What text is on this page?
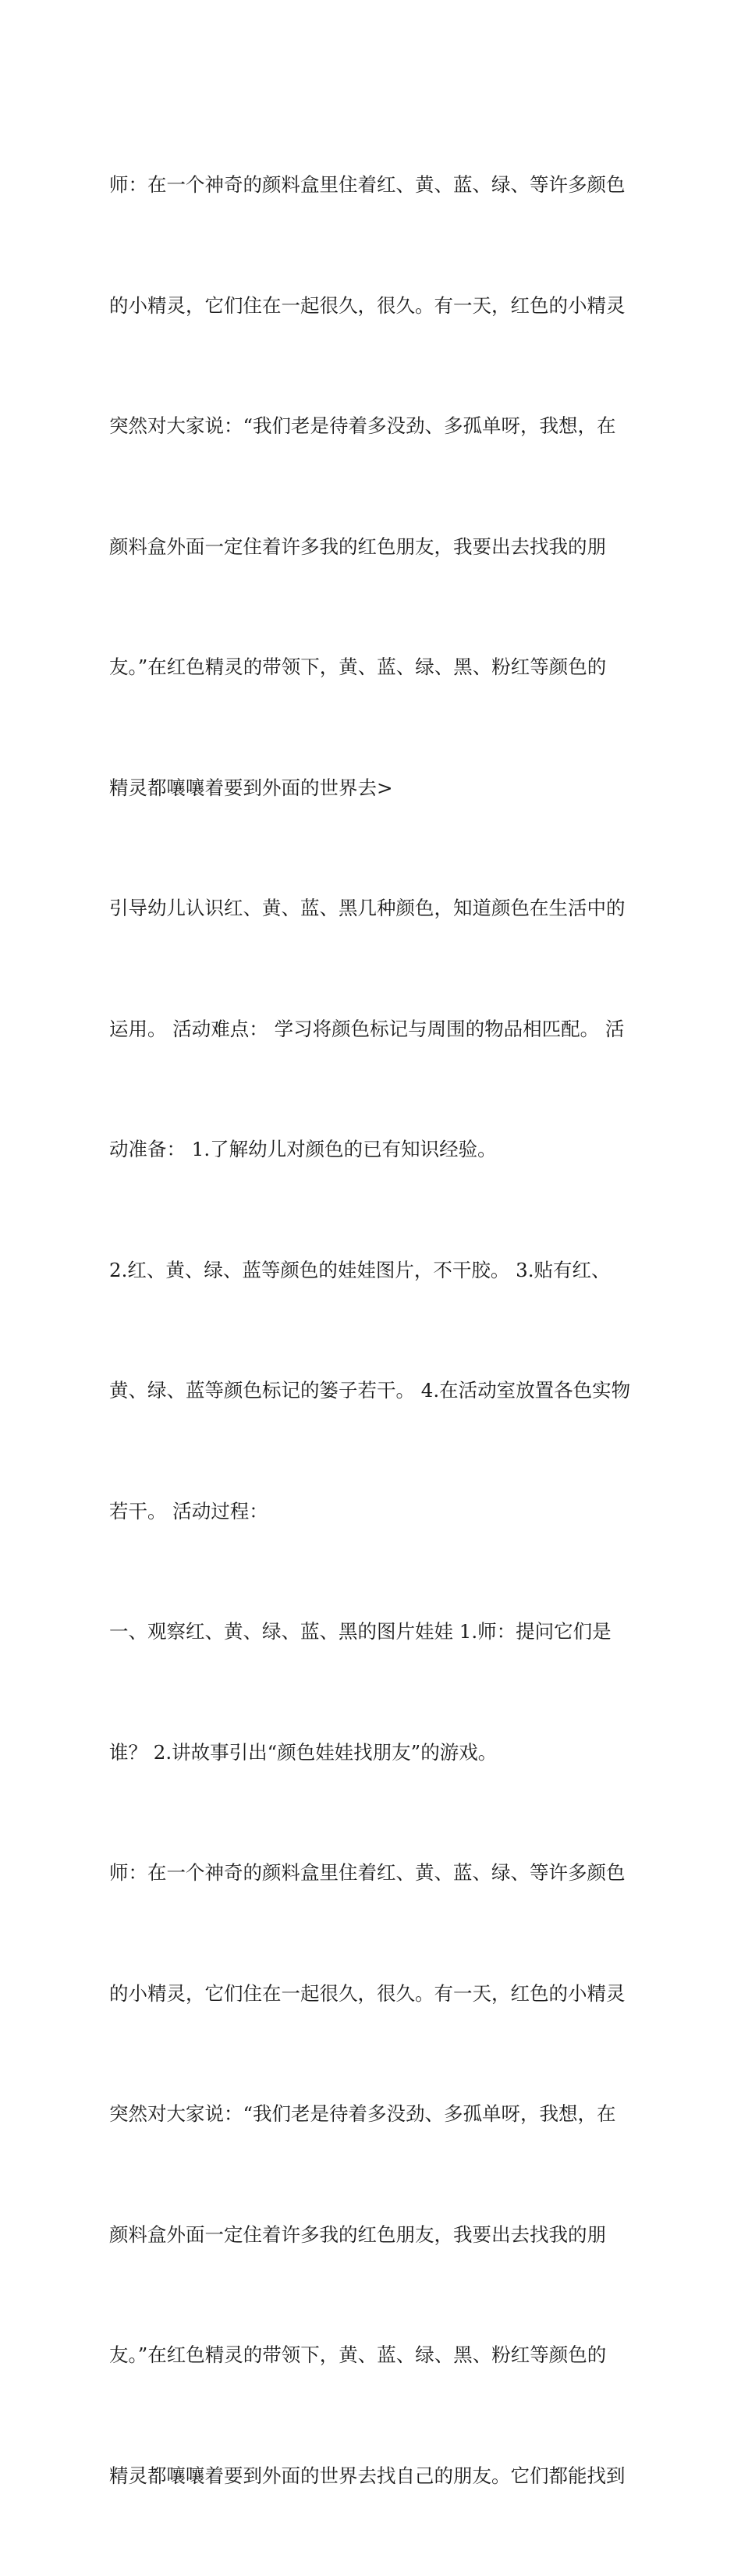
师：在一个神奇的颜料盒里住着红、黄、蓝、绿、等许多颜色

的小精灵，它们住在一起很久，很久。有一天，红色的小精灵

突然对大家说：“我们老是待着多没劲、多孤单呀，我想，在

颜料盒外面一定住着许多我的红色朋友，我要出去找我的朋

友。”在红色精灵的带领下，黄、蓝、绿、黑、粉红等颜色的

精灵都嚷嚷着要到外面的世界去>

引导幼儿认识红、黄、蓝、黑几种颜色，知道颜色在生活中的

运用。 活动难点： 学习将颜色标记与周围的物品相匹配。 活

动准备： 1.了解幼儿对颜色的已有知识经验。

2.红、黄、绿、蓝等颜色的娃娃图片，不干胶。 3.贴有红、

黄、绿、蓝等颜色标记的篓子若干。 4.在活动室放置各色实物

若干。 活动过程：

一、观察红、黄、绿、蓝、黑的图片娃娃 1.师：提问它们是

谁？ 2.讲故事引出“颜色娃娃找朋友”的游戏。

师：在一个神奇的颜料盒里住着红、黄、蓝、绿、等许多颜色

的小精灵，它们住在一起很久，很久。有一天，红色的小精灵

突然对大家说：“我们老是待着多没劲、多孤单呀，我想，在

颜料盒外面一定住着许多我的红色朋友，我要出去找我的朋

友。”在红色精灵的带领下，黄、蓝、绿、黑、粉红等颜色的

精灵都嚷嚷着要到外面的世界去找自己的朋友。它们都能找到
